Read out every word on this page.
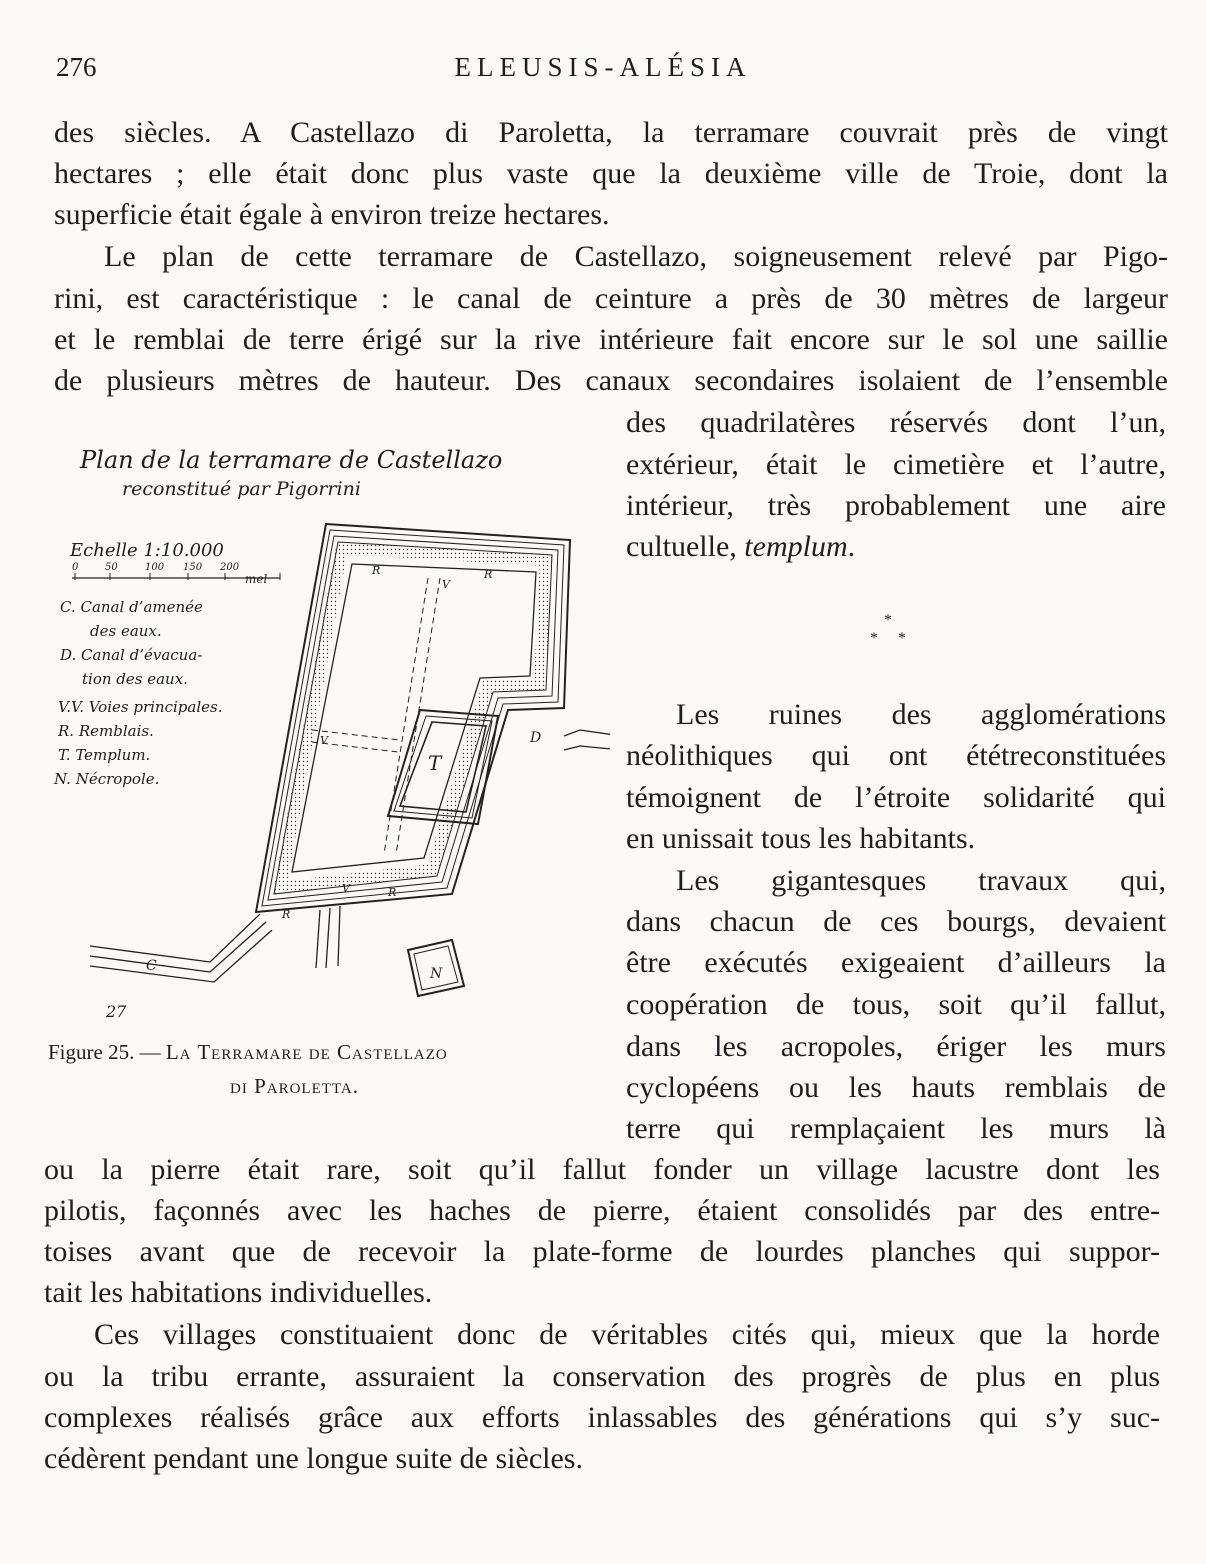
276	ELEUSIS-ALÉSIA
des siècles. A Castellazo di Paroletta, la terramare couvrait près de vingt
hectares ; elle était donc plus vaste que la deuxième ville de Troie, dont la
superficie était égale à environ treize hectares.
Le plan de cette terramare de Castellazo, soigneusement relevé par Pigo-
rini, est caractéristique : le canal de ceinture a près de 30 mètres de largeur
et le remblai de terre érigé sur la rive intérieure fait encore sur le sol une saillie
de plusieurs mètres de hauteur. Des canaux secondaires isolaient de l’ensemble
des quadrilatères réservés dont l’un,
extérieur, était le cimetière et l’autre,
intérieur, très probablement une aire
cultuelle, templum.
*
* *
Les ruines des agglomérations
néolithiques qui ont ététreconstituées
témoignent de l’étroite solidarité qui
en unissait tous les habitants.
Les gigantesques travaux qui,
dans chacun de ces bourgs, devaient
être exécutés exigeaient d’ailleurs la
coopération de tous, soit qu’il fallut,
dans les acropoles, ériger les murs
cyclopéens ou les hauts remblais de
terre qui remplaçaient les murs là
ou la pierre était rare, soit qu’il fallut fonder un village lacustre dont les
pilotis, façonnés avec les haches de pierre, étaient consolidés par des entre-
toises avant que de recevoir la plate-forme de lourdes planches qui suppor-
tait les habitations individuelles.
Ces villages constituaient donc de véritables cités qui, mieux que la horde
ou la tribu errante, assuraient la conservation des progrès de plus en plus
complexes réalisés grâce aux efforts inlassables des générations qui s’y suc-
cédèrent pendant une longue suite de siècles.
Plan de la terramare de Castellazo
reconstitué par Pigorrini
Echelle 1:10.000
0	50	100 150 200
mel
C. Canal d’amenée
des eaux.
D. Canal d’évacua-
tion des eaux.
V.V. Voies principales.
R. Remblais.
T. Templum.
N. Nécropole.
T
D
C	N
R	R
R
R
V
V
V
27
Figure 25. — La Terramare de Castellazo
di Paroletta.
